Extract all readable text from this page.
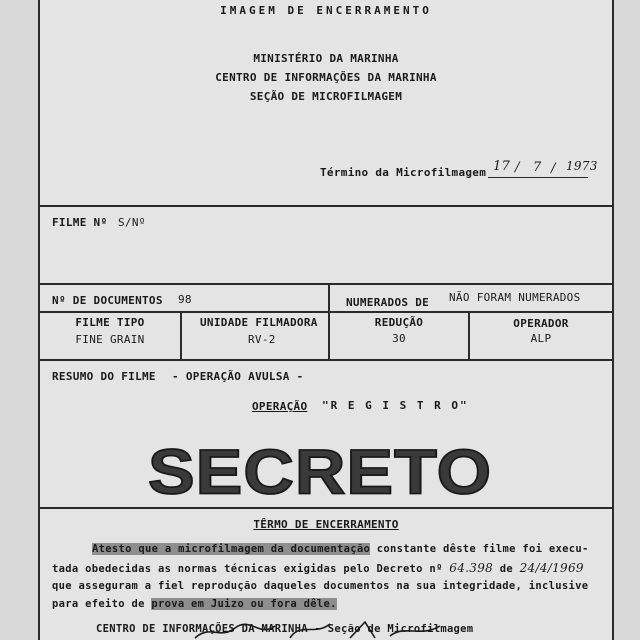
IMAGEM DE ENCERRAMENTO
MINISTÉRIO DA MARINHA
CENTRO DE INFORMAÇÕES DA MARINHA
SEÇÃO DE MICROFILMAGEM
Término da Microfilmagem 17 / 7 / 1973
FILME Nº S/Nº
Nº DE DOCUMENTOS 98	NUMERADOS DE NÃO FORAM NUMERADOS
FILME TIPO
FINE GRAIN
UNIDADE FILMADORA
RV-2
REDUÇÃO
30
OPERADOR
ALP
RESUMO DO FILME - OPERAÇÃO AVULSA -
OPERAÇÃO "R E G I S T R O"
SECRETO
TÊRMO DE ENCERRAMENTO
Atesto que a microfilmagem da documentação constante dêste filme foi execu-
tada obedecidas as normas técnicas exigidas pelo Decreto nº 64.398 de 24/4/1969
que asseguram a fiel reprodução daqueles documentos na sua integridade, inclusive
para efeito de prova em Juizo ou fora dêle.
CENTRO DE INFORMAÇÕES DA MARINHA - Seção de Microfilmagem
